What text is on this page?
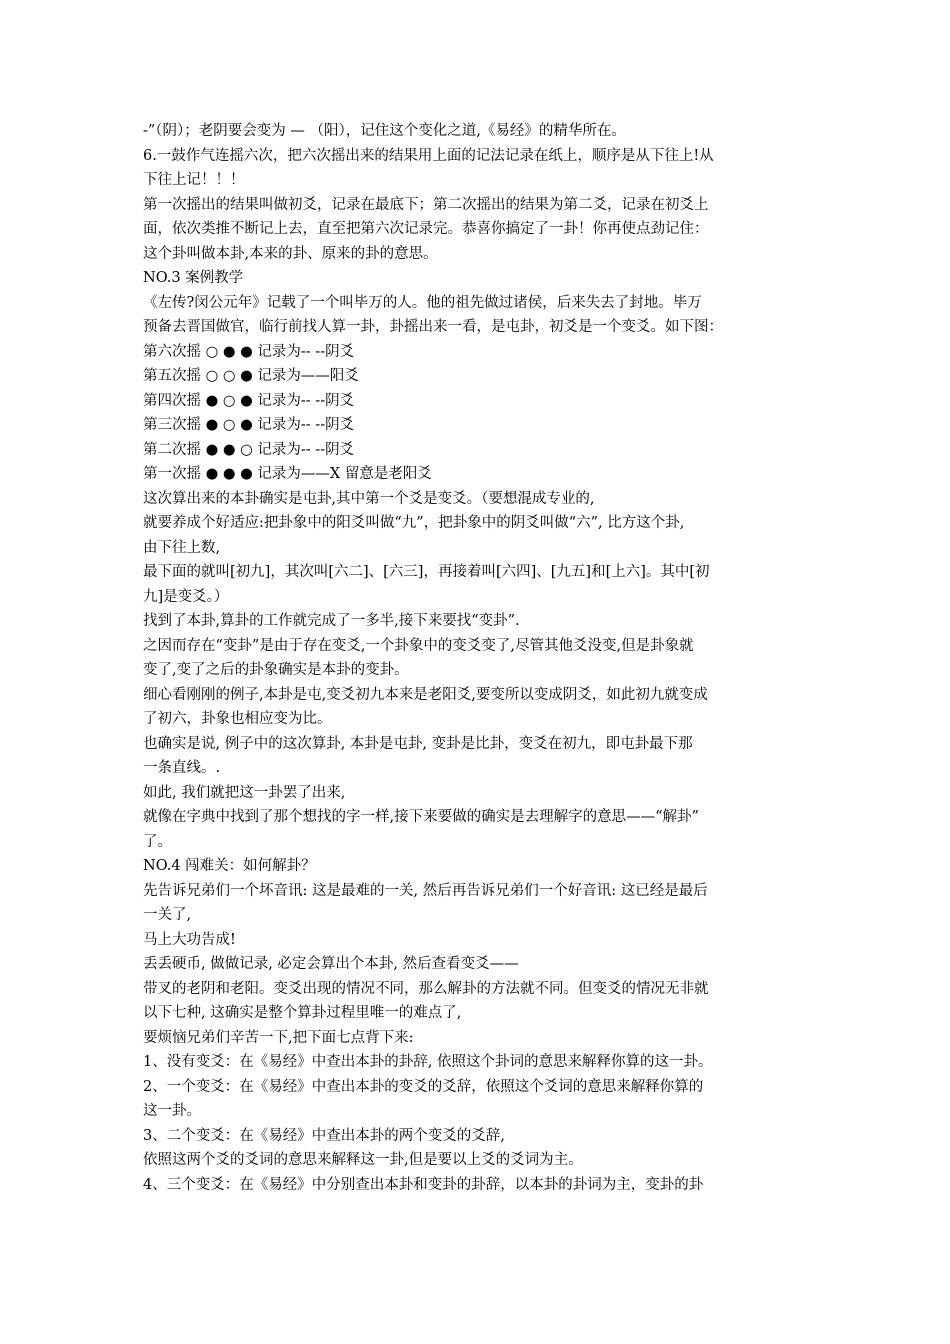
-”（阴）；老阴要会变为 — （阳），记住这个变化之道,《易经》的精华所在。
6.一鼓作气连摇六次，把六次摇出来的结果用上面的记法记录在纸上，顺序是从下往上!从
下往上记！！！
第一次摇出的结果叫做初爻，记录在最底下；第二次摇出的结果为第二爻，记录在初爻上
面，依次类推不断记上去，直至把第六次记录完。恭喜你搞定了一卦！你再使点劲记住：
这个卦叫做本卦,本来的卦、原来的卦的意思。
NO.3 案例教学
《左传?闵公元年》记载了一个叫毕万的人。他的祖先做过诸侯，后来失去了封地。毕万
预备去晋国做官，临行前找人算一卦，卦摇出来一看，是屯卦，初爻是一个变爻。如下图：
第六次摇 ○ ● ● 记录为-- --阴爻
第五次摇 ○ ○ ● 记录为——阳爻
第四次摇 ● ○ ● 记录为-- --阴爻
第三次摇 ● ○ ● 记录为-- --阴爻
第二次摇 ● ● ○ 记录为-- --阴爻
第一次摇 ● ● ● 记录为——X 留意是老阳爻
这次算出来的本卦确实是屯卦,其中第一个爻是变爻。（要想混成专业的,
就要养成个好适应:把卦象中的阳爻叫做“九”，把卦象中的阴爻叫做“六”, 比方这个卦,
由下往上数,
最下面的就叫[初九]，其次叫[六二]、[六三]，再接着叫[六四]、[九五]和[上六]。其中[初
九]是变爻。）
找到了本卦,算卦的工作就完成了一多半,接下来要找“变卦”.
之因而存在“变卦”是由于存在变爻,一个卦象中的变爻变了,尽管其他爻没变,但是卦象就
变了,变了之后的卦象确实是本卦的变卦。
细心看刚刚的例子,本卦是屯,变爻初九本来是老阳爻,要变所以变成阴爻，如此初九就变成
了初六，卦象也相应变为比。
也确实是说, 例子中的这次算卦, 本卦是屯卦, 变卦是比卦，变爻在初九，即屯卦最下那
一条直线。.
如此, 我们就把这一卦罢了出来,
就像在字典中找到了那个想找的字一样,接下来要做的确实是去理解字的意思——“解卦”
了。
NO.4 闯难关：如何解卦？
先告诉兄弟们一个坏音讯: 这是最难的一关, 然后再告诉兄弟们一个好音讯: 这已经是最后
一关了,
马上大功告成!
丢丢硬币, 做做记录, 必定会算出个本卦, 然后查看变爻——
带叉的老阴和老阳。变爻出现的情况不同，那么解卦的方法就不同。但变爻的情况无非就
以下七种, 这确实是整个算卦过程里唯一的难点了,
要烦恼兄弟们辛苦一下,把下面七点背下来:
1、没有变爻：在《易经》中查出本卦的卦辞, 依照这个卦词的意思来解释你算的这一卦。
2、一个变爻：在《易经》中查出本卦的变爻的爻辞，依照这个爻词的意思来解释你算的
这一卦。
3、二个变爻：在《易经》中查出本卦的两个变爻的爻辞,
依照这两个爻的爻词的意思来解释这一卦,但是要以上爻的爻词为主。
4、三个变爻：在《易经》中分别查出本卦和变卦的卦辞，以本卦的卦词为主，变卦的卦
